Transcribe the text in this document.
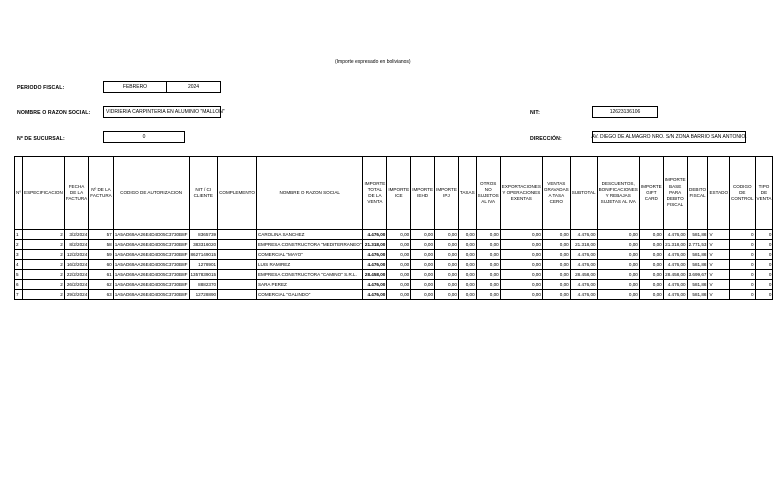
(Importe expresado en bolivianos)
PERIODO FISCAL:	FEBRERO	2024
NOMBRE O RAZON SOCIAL:	VIDRIERIA CARPINTERIA EN ALUMINIO "MALLON"	NIT:	12623136106
Nº DE SUCURSAL:	0	DIRECCIÓN:	AV. DIEGO DE ALMAGRO NRO. S/N ZONA BARRIO SAN ANTONIO.
Nº	ESPECIFICACION	FECHA DE LA FACTURA	Nº DE LA FACTURA	CODIGO DE AUTORIZACION	NIT / CI CLIENTE	COMPLEMENTO	NOMBRE O RAZON SOCIAL	IMPORTE TOTAL DE LA VENTA	IMPORTE ICE	IMPORTE IEHD	IMPORTE IPJ	TASAS	OTROS NO SUJETOS AL IVA	EXPORTACIONES Y OPERACIONES EXENTAS	VENTAS GRAVADAS A TASA CERO	SUBTOTAL	DESCUENTOS, BONIFICACIONES Y REBAJAS SUJETAS AL IVA	IMPORTE GIFT CARD	IMPORTE BASE PARA DEBITO FISCAL	DEBITO FISCAL	ESTADO	CODIGO DE CONTROL	TIPO DE VENTA
1	2	3/2/2024	57	1A5AD69AA26E4D4D05C3730B8F	8365739		CAROLINA SANCHEZ	4.476,00	0,00	0,00	0,00	0,00	0,00	0,00	0,00	4.476,00	0,00	0,00	4.476,00	581,88	V	0	0
2	2	8/2/2024	58	1A5AD69AA26E4D4D05C3730B8F	383316020		EMPRESA CONSTRUCTORA "MEDITERRANEO"	21.318,00	0,00	0,00	0,00	0,00	0,00	0,00	0,00	21.318,00	0,00	0,00	21.318,00	2.771,53	V	0	0
3	2	12/2/2024	59	1A5AD69AA26E4D4D05C3730B8F	8627149015		COMERCIAL "MAYO"	4.476,00	0,00	0,00	0,00	0,00	0,00	0,00	0,00	4.476,00	0,00	0,00	4.476,00	581,88	V	0	0
4	2	16/2/2024	60	1A5AD69AA26E4D4D05C3730B8F	1278901		LUIS RAMIREZ	4.476,00	0,00	0,00	0,00	0,00	0,00	0,00	0,00	4.476,00	0,00	0,00	4.476,00	581,88	V	0	0
5	2	22/2/2024	61	1A5AD69AA26E4D4D05C3730B8F	1357839015		EMPRESA CONSTRUCTORA "CAMINO" S.R.L.	28.458,00	0,00	0,00	0,00	0,00	0,00	0,00	0,00	28.458,00	0,00	0,00	28.458,00	3.699,67	V	0	0
6	2	26/2/2024	62	1A5AD69AA26E4D4D05C3730B8F	8882370		SARA PEREZ	4.476,00	0,00	0,00	0,00	0,00	0,00	0,00	0,00	4.476,00	0,00	0,00	4.476,00	581,88	V	0	0
7	2	29/2/2024	63	1A5AD69AA26E4D4D05C3730B8F	12728890		COMERCIAL "GALINDO"	4.476,00	0,00	0,00	0,00	0,00	0,00	0,00	0,00	4.476,00	0,00	0,00	4.476,00	581,88	V	0	0
